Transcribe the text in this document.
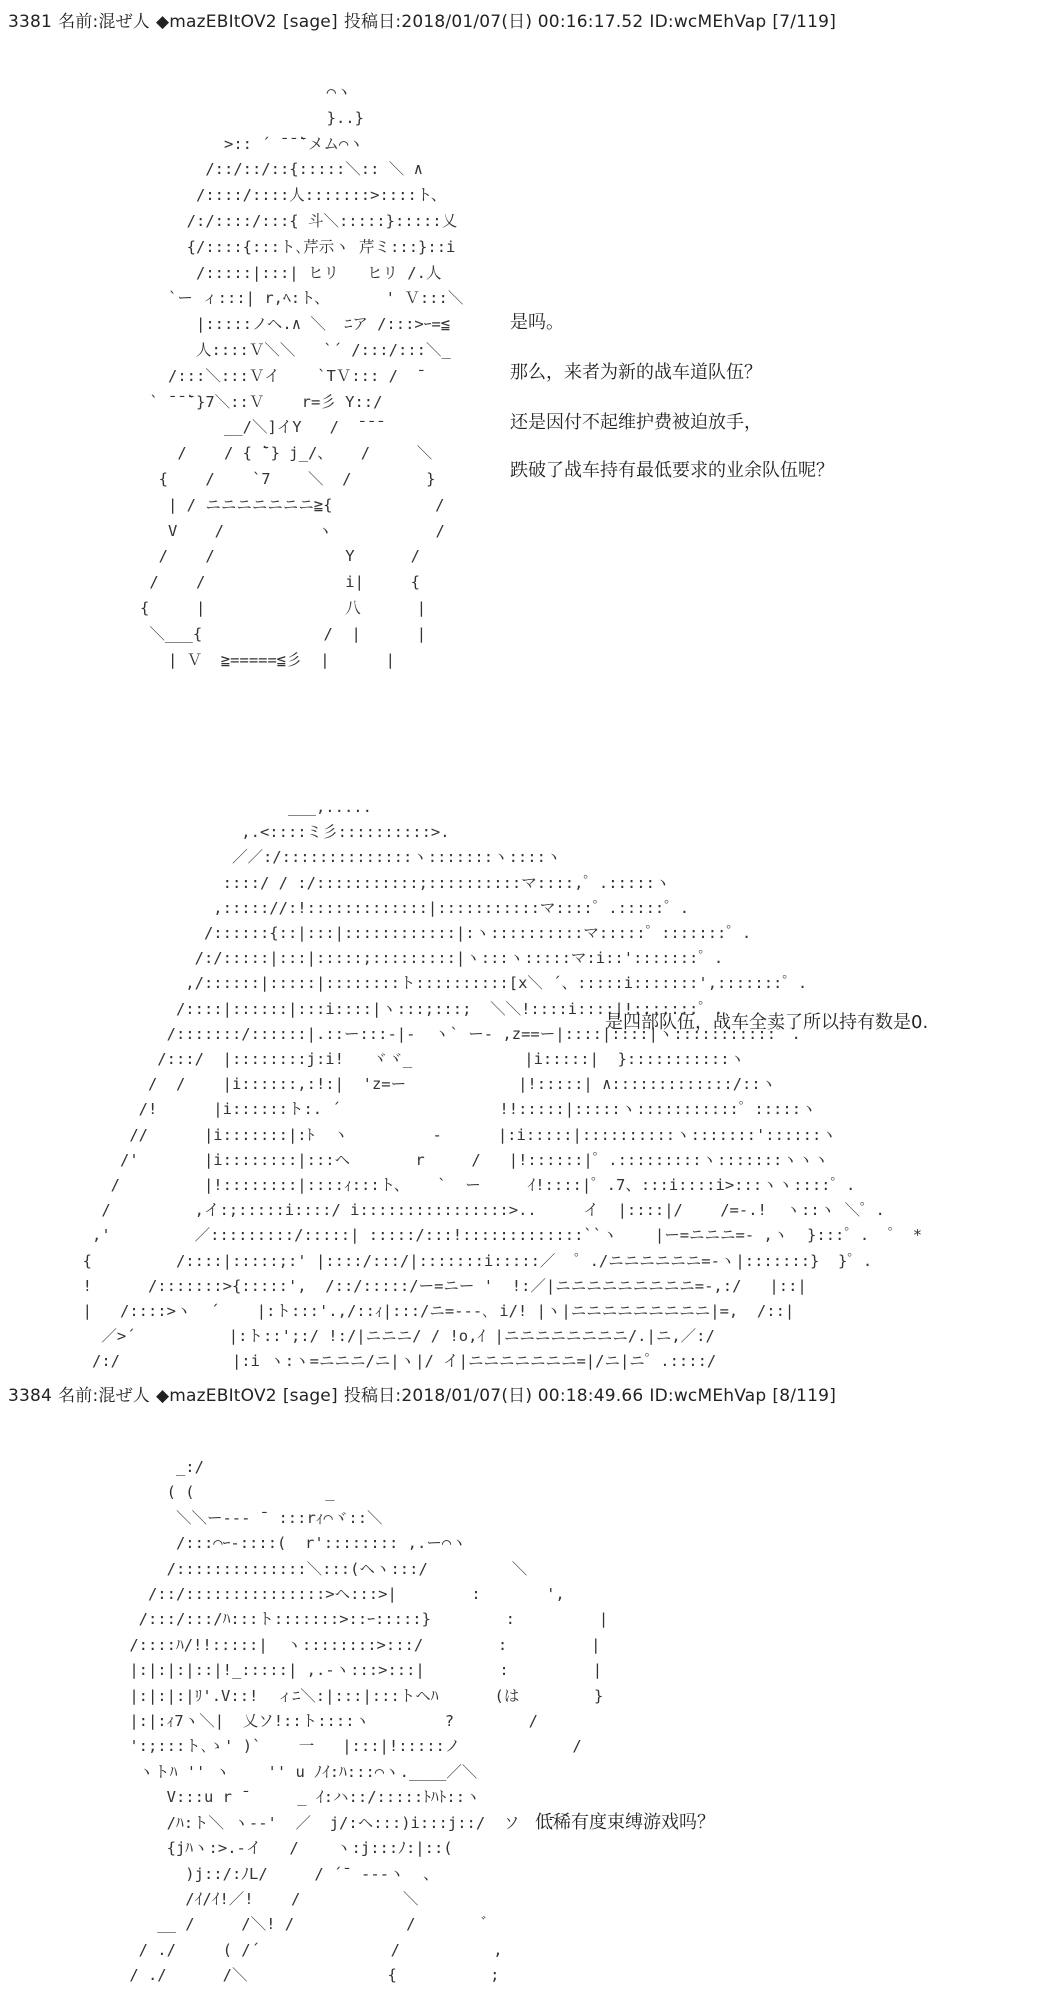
3381 名前:混ぜ人 ◆mazEBItOV2 [sage] 投稿日:2018/01/07(日) 00:16:17.52 ID:wcMEhVap [7/119]
⌒ヽ
}..}
>:: ´ ̄ ̄ ̄`メム⌒ヽ
/::/::/::{:::::＼:: ＼ ∧
/::::/::::人:::::::>::::ト、
/:/::::/:::{ 斗＼:::::}:::::乂
{/::::{:::ト､芹示ヽ 芹ミ:::}::i
/:::::|:::| ヒリ   ヒリ /.人
`ー ィ:::| r,ﾍ:ト、      ' Ｖ:::＼
|:::::ノヘ.∧ ＼  ﾆア /:::>ｰ=≦
人::::Ｖ＼＼   `´ /:::/:::＼_
/:::＼:::Ｖイ    `TＶ::: /  ̄
` ̄ ̄ ̄`}7＼::Ｖ    r=彡 Y::/
__/＼]イY   /  ̄ ̄ ̄
/    / { ̄`} j_/、   /     ＼
{    /    `7    ＼  /        }
| / ニニニニニニニ≧{           /
V    /          ヽ           /
/    /              Y      /
/    /               i|     {
{     |               八      |
＼___{             /  |      |
| Ｖ  ≧=====≦彡  |      |
是吗。
那么，来者为新的战车道队伍？
还是因付不起维护费被迫放手，
跌破了战车持有最低要求的业余队伍呢？
___,.....
,.<::::ミ彡::::::::::>.
／／:/::::::::::::::ヽ:::::::ヽ::::ヽ
::::/ / :/:::::::::::;::::::::::マ::::,゜.:::::ヽ
,::::://:!:::::::::::::|:::::::::::マ::::゜.:::::゜.
/::::::{::|:::|::::::::::::|:ヽ::::::::::マ:::::゜:::::::゜.
/:/:::::|:::|:::::;:::::::::|ヽ:::ヽ:::::マ:i::':::::::゜.
,/::::::|:::::|::::::::ト::::::::::[x＼ ´、:::::i:::::::',:::::::゜.
/::::|::::::|:::i::::|ヽ:::;:::;  ＼＼!::::i::::|!:::::::゜.
/:::::::/::::::|.::ー:::-|-  ヽ` ー- ,z==ー|::::|::::|ヽ:::::::::::゜.
/:::/  |::::::::j:i!   ヾヾ_            |i:::::|  }:::::::::::ヽ
/  /    |i::::::,:!:|  'z=ー            |!:::::| ∧:::::::::::::/::ヽ
/!      |i::::::ト:. ´                 !!:::::|:::::ヽ:::::::::::゜:::::ヽ
//      |i:::::::|:ﾄ  ヽ         -      |:i:::::|::::::::::ヽ:::::::'::::::ヽ
/'       |i::::::::|:::ヘ       r     /   |!::::::|゜.:::::::::ヽ:::::::ヽヽヽ
/         |!::::::::|::::ｨ:::ト、   `  ー     ｲ!::::|゜.7、:::i::::i>:::ヽヽ::::゜.
/         ,イ:;:::::i::::/ i::::::::::::::::>..     イ  |::::|/    /=-.!  ヽ::ヽ ＼゜.
,'         ／:::::::::/:::::| :::::/:::!:::::::::::::``ヽ    |ー=ニニニ=- ,ヽ  }:::゜.  ゜ *
{         /::::|:::::;:' |::::/:::/|:::::::i:::::／  ゜./ニニニニニニ=-ヽ|:::::::}  }゜.
!      /:::::::>{:::::',  /::/:::::/ー=ニー '  !:／|ニニニニニニニニニ=-,:/   |::|
|   /::::>ヽ  ´    |:ト:::'.,/::ｨ|:::/ニ=---､ i/! |ヽ|ニニニニニニニニニ|=,  /::|
／>´          |:ト::';:/ !:/|ニニニ/ / !o,ｲ |ニニニニニニニニ/.|ニ,／:/
/:/            |:i ヽ:ヽ=ニニニ/ニ|ヽ|/ イ|ニニニニニニニ=|/ニ|ニ゜.::::/
是四部队伍，战车全卖了所以持有数是0.
3384 名前:混ぜ人 ◆mazEBItOV2 [sage] 投稿日:2018/01/07(日) 00:18:49.66 ID:wcMEhVap [8/119]
_:/
( (              _
＼＼ー--- ¯ :::rｨ⌒ヾ::＼
/:::⌒ｰ-::::(  r':::::::: ,.ー⌒ヽ
/::::::::::::::＼:::(ヘヽ:::/         ＼
/::/:::::::::::::::>ヘ:::>|        :       ',
/:::/:::/ﾊ:::ト:::::::>::ｰ:::::}        :         |
/::::ﾊ/!!:::::|  ヽ::::::::>:::/        :         |
|:|:|:|::|!_:::::| ,.-ヽ:::>:::|        :         |
|:|:|:|ﾘ'.V::!  ィﾆ＼:|:::|:::トヘﾊ      (は        }
|:|:ｨ7ヽ＼|  乂ソ!::ト::::ヽ        ?        /
':;:::ト､ゝ' )`    一   |:::|!:::::ノ            /
ヽトﾊ '' ヽ    '' u ﾉｲ:ﾊ:::⌒ヽ.____／＼
V:::u r ¯     _ ｲ:ハ::/:::::ﾄﾊﾄ::ヽ
/ﾊ:ト＼ ヽ‐‐'  ／  j/:ヘ:::)i:::j::/  ソ   ¯
{jﾊヽ:>.-イ   /    ヽ:j:::ﾉ:|::(
)j::/:ﾉL/     / ´¯ ---ヽ  、
/ｲ/ｲ!／!    /           ＼
__ /     /＼! /            /       ゛
/ ./     ( /´              /          ,
/ ./      /＼               {          ;
低稀有度束缚游戏吗？
